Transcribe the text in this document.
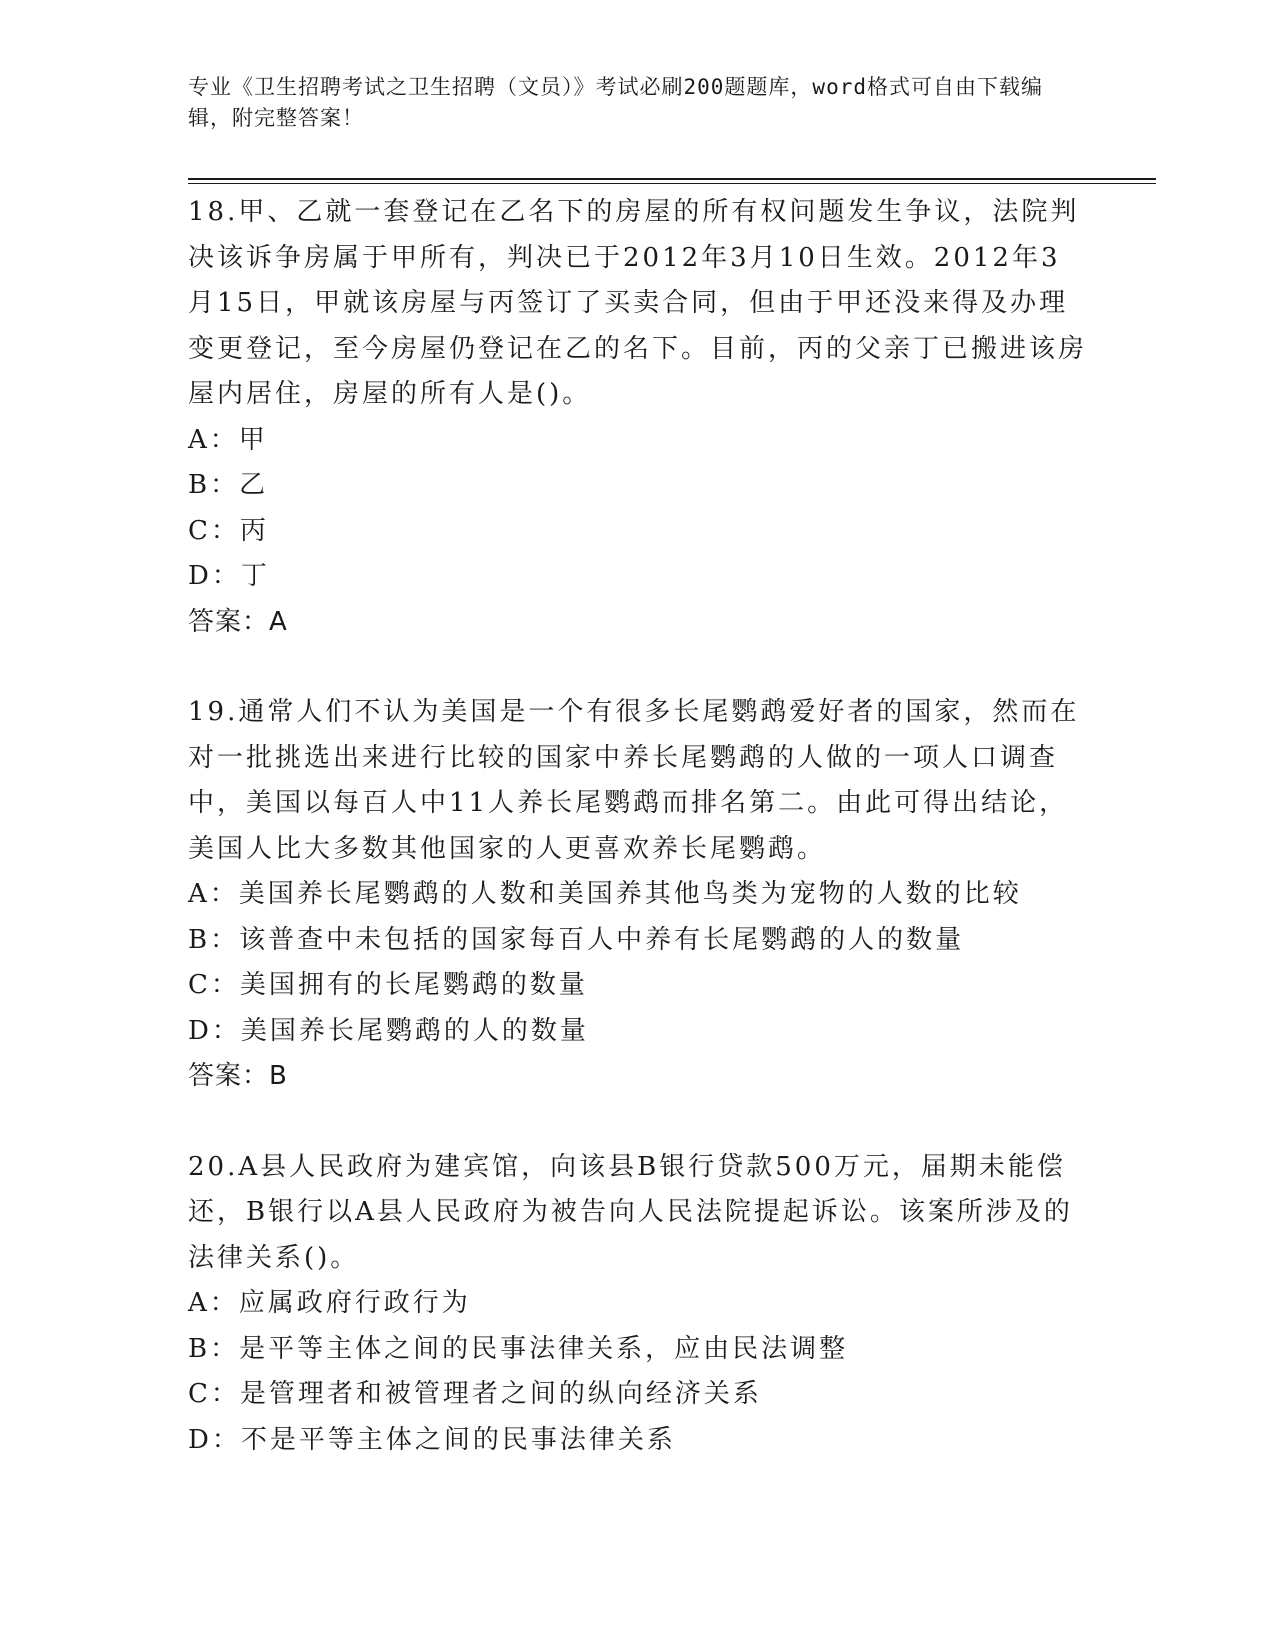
专业《卫生招聘考试之卫生招聘（文员）》考试必刷200题题库，word格式可自由下载编辑，附完整答案！

18.甲、乙就一套登记在乙名下的房屋的所有权问题发生争议，法院判决该诉争房属于甲所有，判决已于2012年3月10日生效。2012年3月15日，甲就该房屋与丙签订了买卖合同，但由于甲还没来得及办理变更登记，至今房屋仍登记在乙的名下。目前，丙的父亲丁已搬进该房屋内居住，房屋的所有人是()。

A：甲

B：乙

C：丙

D：丁

答案：A

19.通常人们不认为美国是一个有很多长尾鹦鹉爱好者的国家，然而在对一批挑选出来进行比较的国家中养长尾鹦鹉的人做的一项人口调查中，美国以每百人中11人养长尾鹦鹉而排名第二。由此可得出结论，美国人比大多数其他国家的人更喜欢养长尾鹦鹉。

A：美国养长尾鹦鹉的人数和美国养其他鸟类为宠物的人数的比较

B：该普查中未包括的国家每百人中养有长尾鹦鹉的人的数量

C：美国拥有的长尾鹦鹉的数量

D：美国养长尾鹦鹉的人的数量

答案：B

20.A县人民政府为建宾馆，向该县B银行贷款500万元，届期未能偿还，B银行以A县人民政府为被告向人民法院提起诉讼。该案所涉及的法律关系()。

A：应属政府行政行为

B：是平等主体之间的民事法律关系，应由民法调整

C：是管理者和被管理者之间的纵向经济关系

D：不是平等主体之间的民事法律关系
